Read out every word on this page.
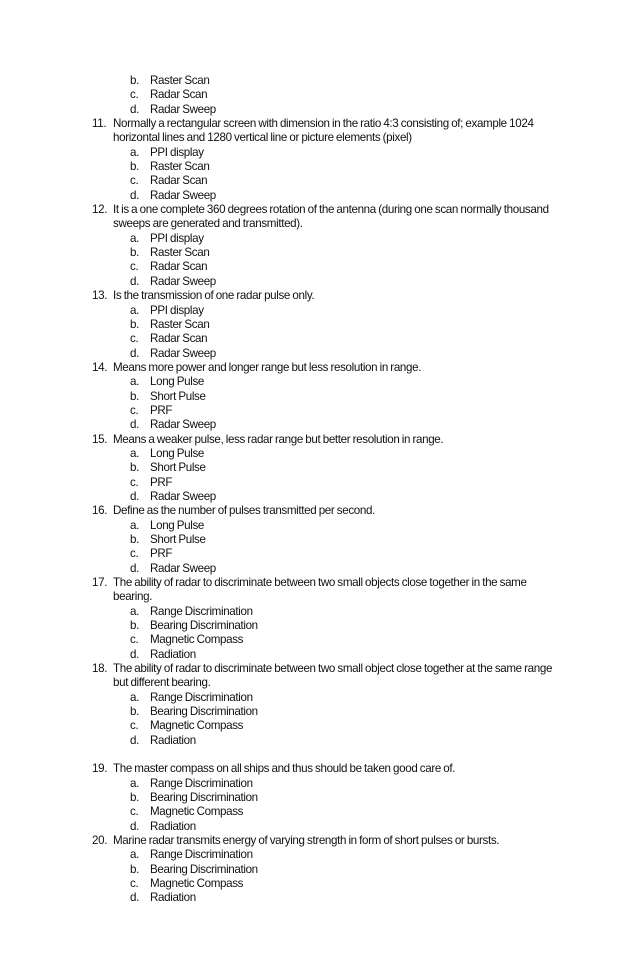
b. Raster Scan
c.	Radar Scan
d. Radar Sweep
11. Normally a rectangular screen with dimension in the ratio 4:3 consisting of; example 1024 horizontal lines and 1280 vertical line or picture elements (pixel)
a. PPI display
b. Raster Scan
c.	Radar Scan
d. Radar Sweep
12. It is a one complete 360 degrees rotation of the antenna (during one scan normally thousand sweeps are generated and transmitted).
a. PPI display
b. Raster Scan
c.	Radar Scan
d. Radar Sweep
13. Is the transmission of one radar pulse only.
a. PPI display
b. Raster Scan
c.	Radar Scan
d. Radar Sweep
14. Means more power and longer range but less resolution in range.
a. Long Pulse
b. Short Pulse
c.	PRF
d. Radar Sweep
15. Means a weaker pulse, less radar range but better resolution in range.
a. Long Pulse
b. Short Pulse
c.	PRF
d. Radar Sweep
16. Define as the number of pulses transmitted per second.
a. Long Pulse
b. Short Pulse
c.	PRF
d. Radar Sweep
17. The ability of radar to discriminate between two small objects close together in the same bearing.
a. Range Discrimination
b. Bearing Discrimination
c.	Magnetic Compass
d. Radiation
18. The ability of radar to discriminate between two small object close together at the same range but different bearing.
a. Range Discrimination
b. Bearing Discrimination
c.	Magnetic Compass
d. Radiation
19. The master compass on all ships and thus should be taken good care of.
a. Range Discrimination
b. Bearing Discrimination
c.	Magnetic Compass
d. Radiation
20. Marine radar transmits energy of varying strength in form of short pulses or bursts.
a. Range Discrimination
b. Bearing Discrimination
c.	Magnetic Compass
d. Radiation
